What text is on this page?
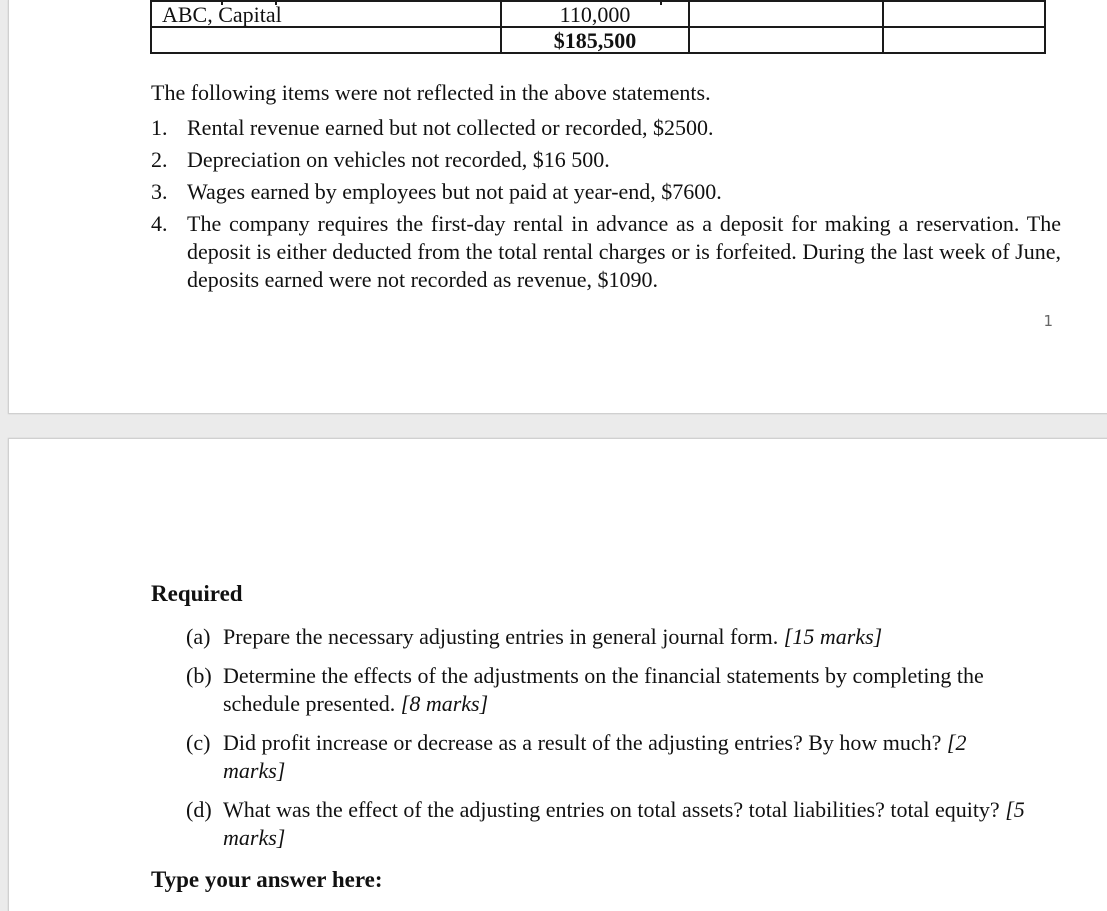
ABC, Capital	110,000		
	$185,500		
The following items were not reflected in the above statements.
1. Rental revenue earned but not collected or recorded, $2500.
2. Depreciation on vehicles not recorded, $16 500.
3. Wages earned by employees but not paid at year-end, $7600.
4. The company requires the first-day rental in advance as a deposit for making a reservation. The deposit is either deducted from the total rental charges or is forfeited. During the last week of June, deposits earned were not recorded as revenue, $1090.
1
Required
(a) Prepare the necessary adjusting entries in general journal form. [15 marks]
(b) Determine the effects of the adjustments on the financial statements by completing the schedule presented. [8 marks]
(c) Did profit increase or decrease as a result of the adjusting entries? By how much? [2 marks]
(d) What was the effect of the adjusting entries on total assets? total liabilities? total equity? [5 marks]
Type your answer here:
